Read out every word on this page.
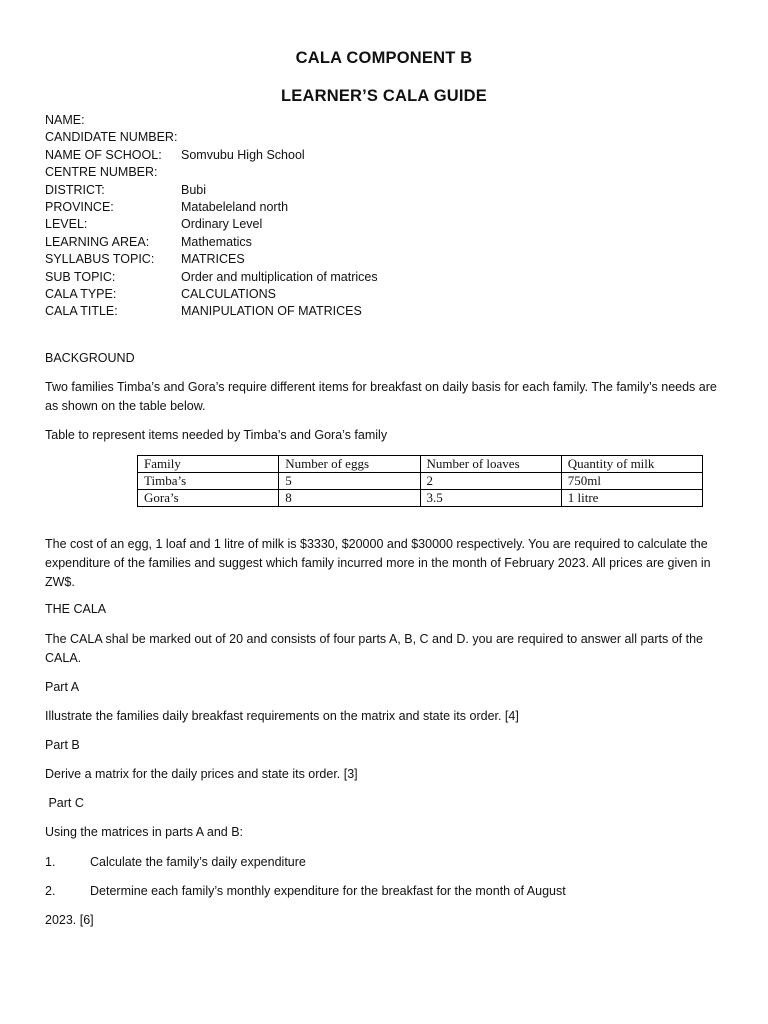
CALA COMPONENT B
LEARNER’S CALA GUIDE
NAME:
CANDIDATE NUMBER:
NAME OF SCHOOL:	Somvubu High School
CENTRE NUMBER:
DISTRICT:	Bubi
PROVINCE:	Matabeleland north
LEVEL:	Ordinary Level
LEARNING AREA:	Mathematics
SYLLABUS TOPIC:	MATRICES
SUB TOPIC:	Order and multiplication of matrices
CALA TYPE:	CALCULATIONS
CALA TITLE:	MANIPULATION OF MATRICES
BACKGROUND
Two families Timba’s and Gora’s require different items for breakfast on daily basis for each family. The family’s needs are as shown on the table below.
Table to represent items needed by Timba’s and Gora’s family
Family	Number of eggs	Number of loaves	Quantity of milk
Timba’s	5	2	750ml
Gora’s	8	3.5	1 litre
The cost of an egg, 1 loaf and 1 litre of milk is $3330, $20000 and $30000 respectively. You are required to calculate the expenditure of the families and suggest which family incurred more in the month of February 2023. All prices are given in ZW$.
THE CALA
The CALA shal be marked out of 20 and consists of four parts A, B, C and D. you are required to answer all parts of the CALA.
Part A
Illustrate the families daily breakfast requirements on the matrix and state its order. [4]
Part B
Derive a matrix for the daily prices and state its order. [3]
Part C
Using the matrices in parts A and B:
1.	Calculate the family’s daily expenditure
2.	Determine each family’s monthly expenditure for the breakfast for the month of August
2023. [6]
